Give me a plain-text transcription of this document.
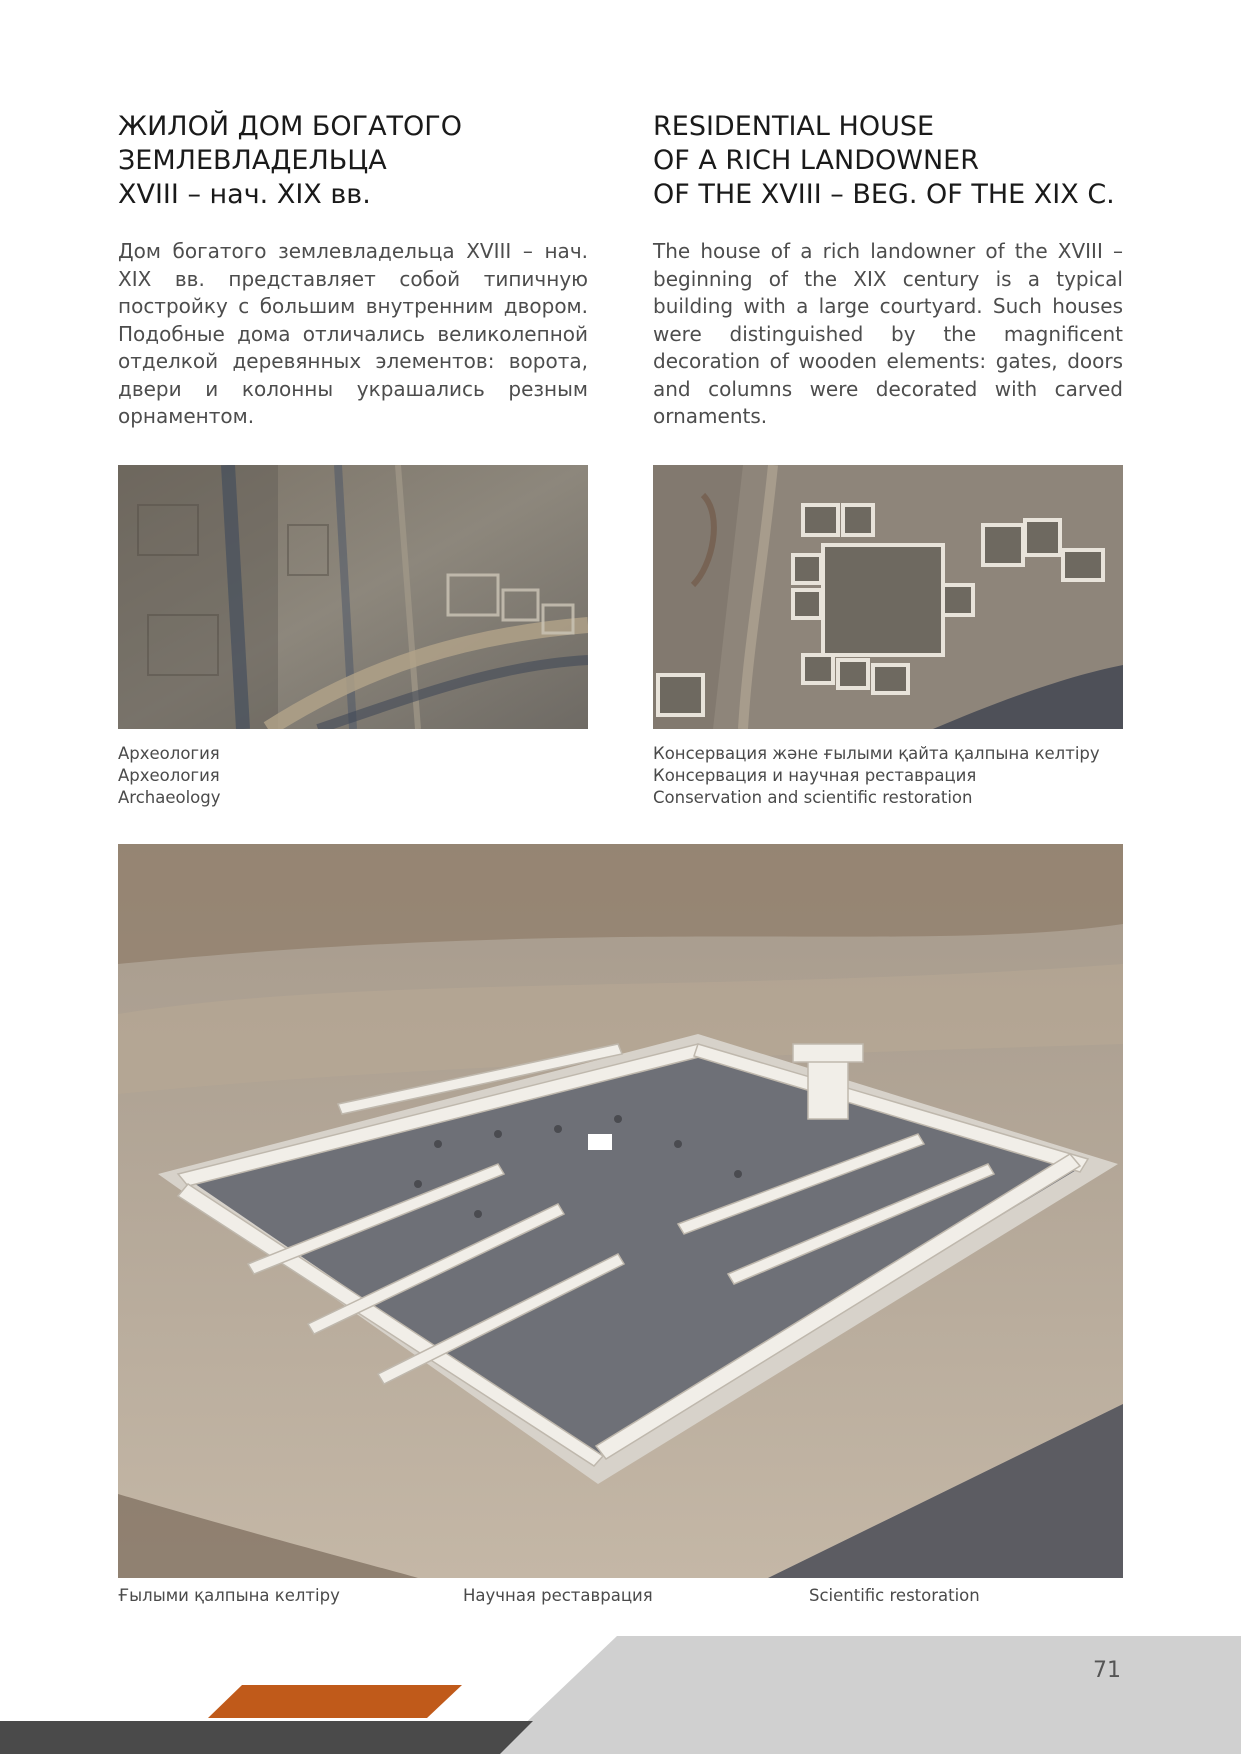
ЖИЛОЙ ДОМ БОГАТОГО
ЗЕМЛЕВЛАДЕЛЬЦА
XVIII – нач. XIX вв.

Дом богатого землевладельца XVIII – нач. XIX вв. представляет собой типичную постройку с большим внутренним двором. Подобные дома отличались великолепной отделкой деревянных элементов: ворота, двери и колонны украшались резным орнаментом.

RESIDENTIAL HOUSE
OF A RICH LANDOWNER
OF THE XVIII – BEG. OF THE XIX C.

The house of a rich landowner of the XVIII – beginning of the XIX century is a typical building with a large courtyard. Such houses were distinguished by the magnificent decoration of wooden elements: gates, doors and columns were decorated with carved ornaments.

Археология
Археология
Archaeology
Консервация және ғылыми қайта қалпына келтіру
Консервация и научная реставрация
Conservation and scientific restoration
Ғылыми қалпына келтіру	Научная реставрация	Scientific restoration
71
